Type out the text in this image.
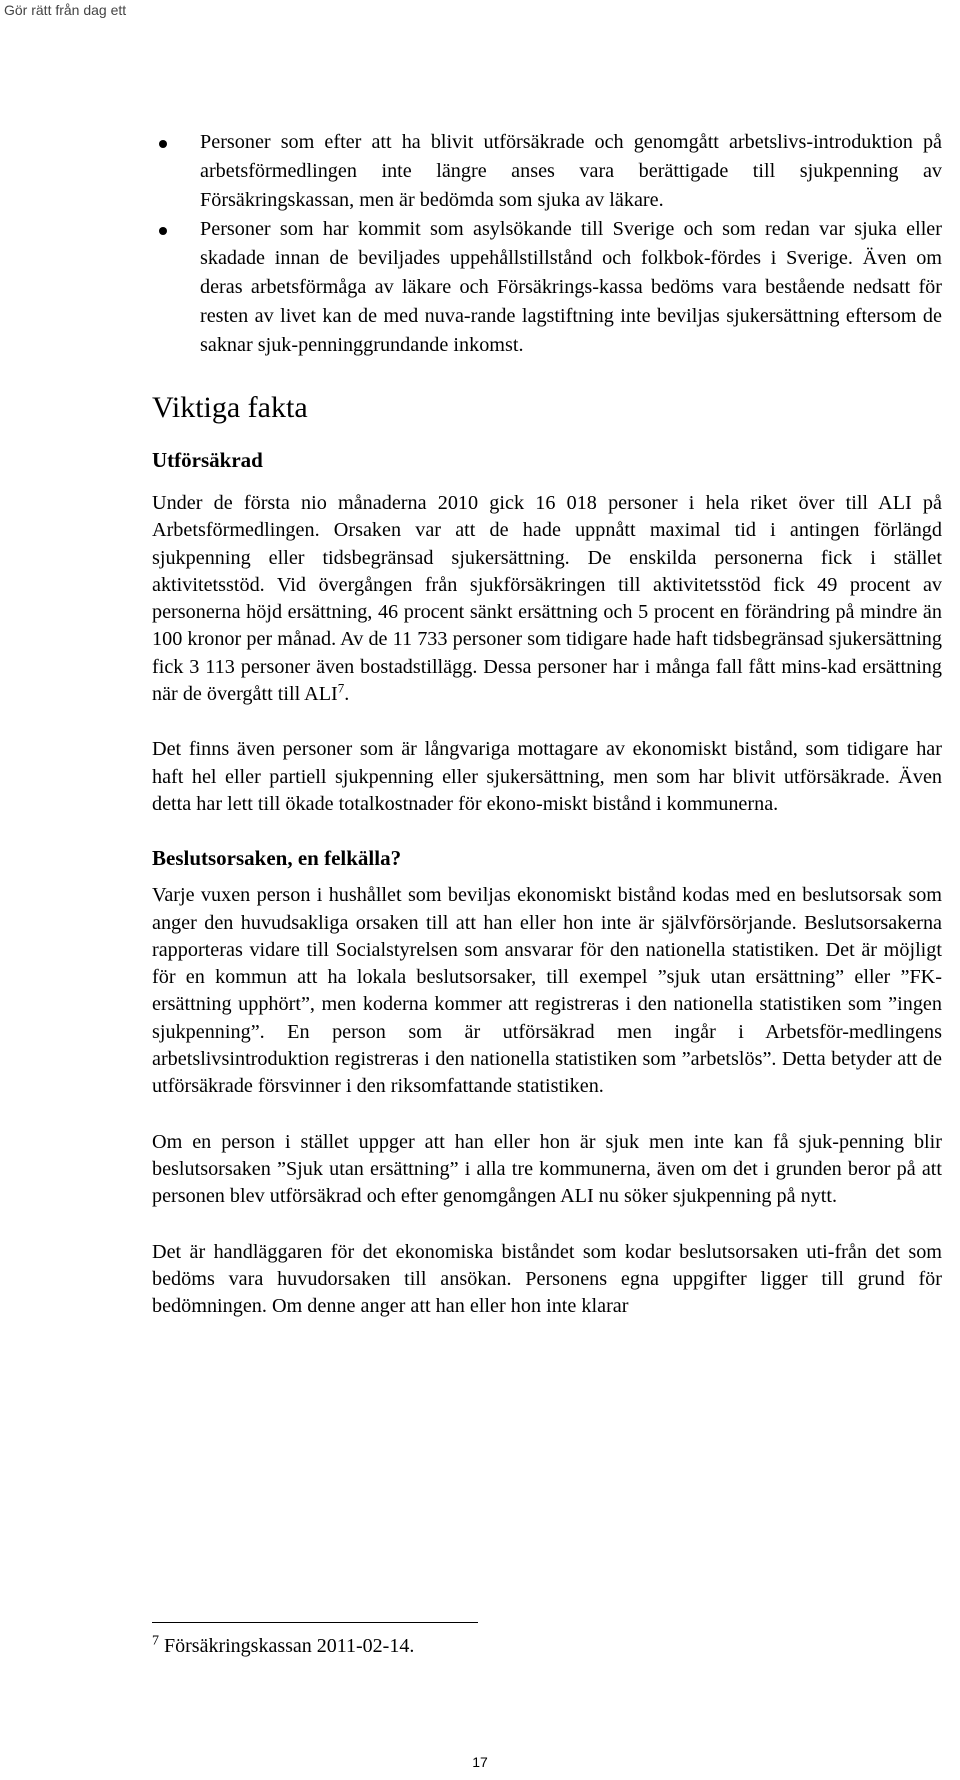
Gör rätt från dag ett
Personer som efter att ha blivit utförsäkrade och genomgått arbetslivs-introduktion på arbetsförmedlingen inte längre anses vara berättigade till sjukpenning av Försäkringskassan, men är bedömda som sjuka av läkare.
Personer som har kommit som asylsökande till Sverige och som redan var sjuka eller skadade innan de beviljades uppehållstillstånd och folkbok-fördes i Sverige. Även om deras arbetsförmåga av läkare och Försäkrings-kassa bedöms vara bestående nedsatt för resten av livet kan de med nuva-rande lagstiftning inte beviljas sjukersättning eftersom de saknar sjuk-penninggrundande inkomst.
Viktiga fakta
Utförsäkrad

Under de första nio månaderna 2010 gick 16 018 personer i hela riket över till ALI på Arbetsförmedlingen. Orsaken var att de hade uppnått maximal tid i antingen förlängd sjukpenning eller tidsbegränsad sjukersättning. De enskilda personerna fick i stället aktivitetsstöd. Vid övergången från sjukförsäkringen till aktivitetsstöd fick 49 procent av personerna höjd ersättning, 46 procent sänkt ersättning och 5 procent en förändring på mindre än 100 kronor per månad. Av de 11 733 personer som tidigare hade haft tidsbegränsad sjukersättning fick 3 113 personer även bostadstillägg. Dessa personer har i många fall fått mins-kad ersättning när de övergått till ALI$^7$.

Det finns även personer som är långvariga mottagare av ekonomiskt bistånd, som tidigare har haft hel eller partiell sjukpenning eller sjukersättning, men som har blivit utförsäkrade. Även detta har lett till ökade totalkostnader för ekono-miskt bistånd i kommunerna.

Beslutsorsaken, en felkälla?

Varje vuxen person i hushållet som beviljas ekonomiskt bistånd kodas med en beslutsorsak som anger den huvudsakliga orsaken till att han eller hon inte är självförsörjande. Beslutsorsakerna rapporteras vidare till Socialstyrelsen som ansvarar för den nationella statistiken. Det är möjligt för en kommun att ha lokala beslutsorsaker, till exempel ”sjuk utan ersättning” eller ”FK-ersättning upphört”, men koderna kommer att registreras i den nationella statistiken som ”ingen sjukpenning”. En person som är utförsäkrad men ingår i Arbetsför-medlingens arbetslivsintroduktion registreras i den nationella statistiken som ”arbetslös”. Detta betyder att de utförsäkrade försvinner i den riksomfattande statistiken.

Om en person i stället uppger att han eller hon är sjuk men inte kan få sjuk-penning blir beslutsorsaken ”Sjuk utan ersättning” i alla tre kommunerna, även om det i grunden beror på att personen blev utförsäkrad och efter genomgången ALI nu söker sjukpenning på nytt.

Det är handläggaren för det ekonomiska biståndet som kodar beslutsorsaken uti-från det som bedöms vara huvudorsaken till ansökan. Personens egna uppgifter ligger till grund för bedömningen. Om denne anger att han eller hon inte klarar

$^7$ Försäkringskassan 2011-02-14.
17
